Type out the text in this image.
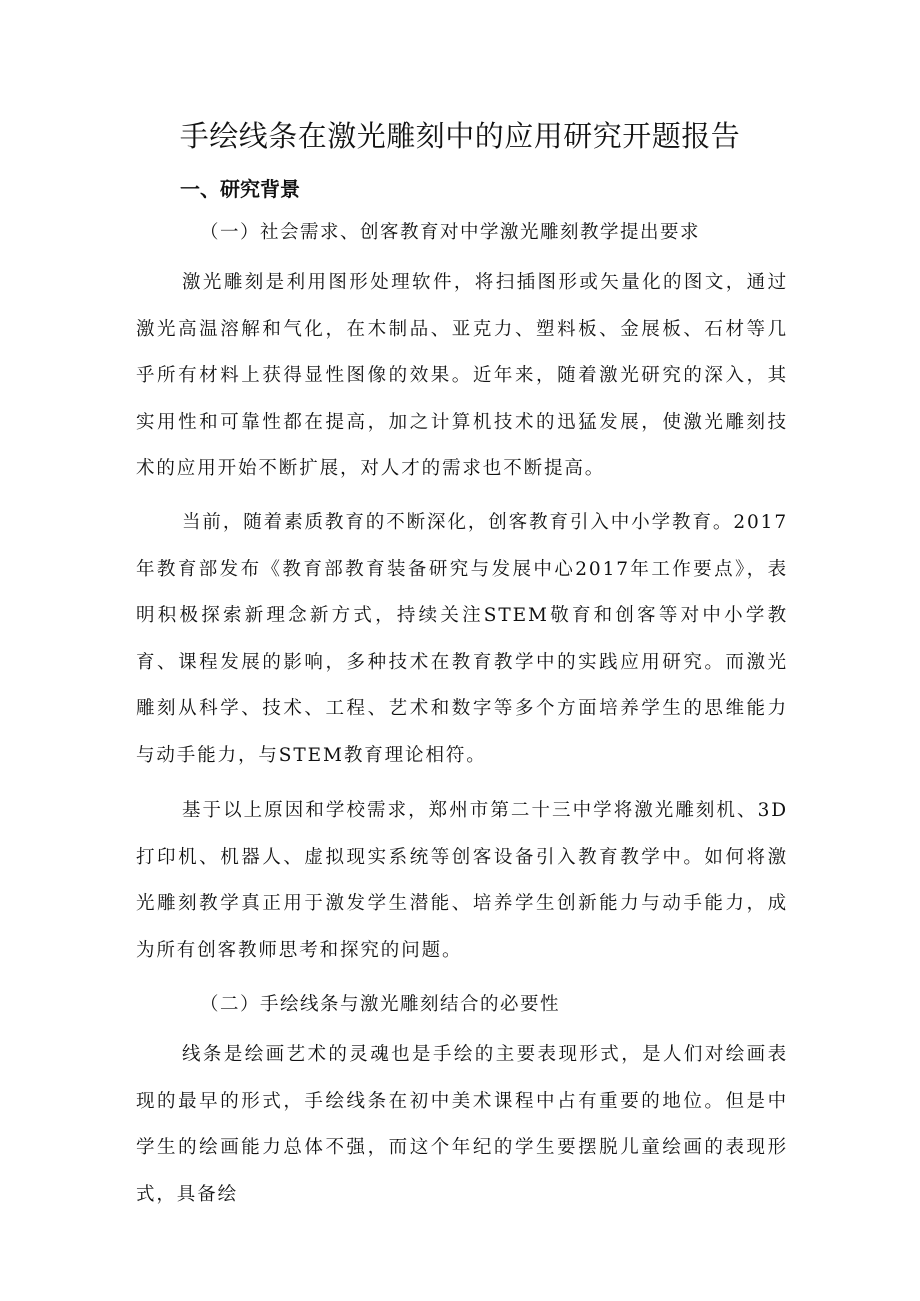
手绘线条在激光雕刻中的应用研究开题报告
一、研究背景
（一）社会需求、创客教育对中学激光雕刻教学提出要求

激光雕刻是利用图形处理软件，将扫插图形或矢量化的图文，通过激光高温溶解和气化，在木制品、亚克力、塑料板、金展板、石材等几乎所有材料上获得显性图像的效果。近年来，随着激光研究的深入，其实用性和可靠性都在提高，加之计算机技术的迅猛发展，使激光雕刻技术的应用开始不断扩展，对人才的需求也不断提高。

当前，随着素质教育的不断深化，创客教育引入中小学教育。2017年教育部发布《教育部教育装备研究与发展中心2017年工作要点》，表明积极探索新理念新方式，持续关注STEM敬育和创客等对中小学教育、课程发展的影响，多种技术在教育教学中的实践应用研究。而激光雕刻从科学、技术、工程、艺术和数字等多个方面培养学生的思维能力与动手能力，与STEM教育理论相符。

基于以上原因和学校需求，郑州市第二十三中学将激光雕刻机、3D打印机、机器人、虚拟现实系统等创客设备引入教育教学中。如何将激光雕刻教学真正用于激发学生潜能、培养学生创新能力与动手能力，成为所有创客教师思考和探究的问题。

（二）手绘线条与激光雕刻结合的必要性

线条是绘画艺术的灵魂也是手绘的主要表现形式，是人们对绘画表现的最早的形式，手绘线条在初中美术课程中占有重要的地位。但是中学生的绘画能力总体不强，而这个年纪的学生要摆脱儿童绘画的表现形式，具备绘
